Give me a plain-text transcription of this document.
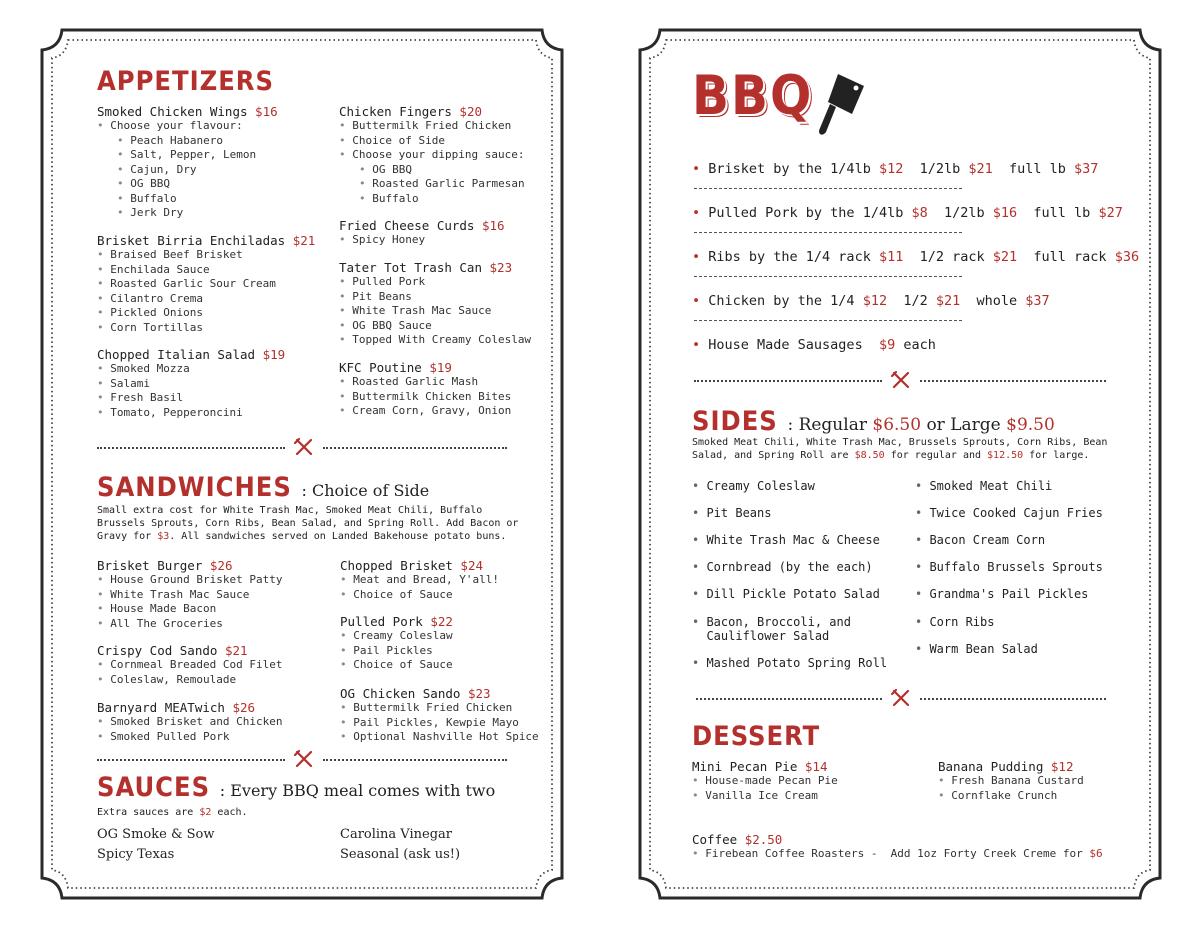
APPETIZERS
Smoked Chicken Wings $16
• Choose your flavour:
• Peach Habanero
• Salt, Pepper, Lemon
• Cajun, Dry
• OG BBQ
• Buffalo
• Jerk Dry
Brisket Birria Enchiladas $21
• Braised Beef Brisket
• Enchilada Sauce
• Roasted Garlic Sour Cream
• Cilantro Crema
• Pickled Onions
• Corn Tortillas
Chopped Italian Salad $19
• Smoked Mozza
• Salami
• Fresh Basil
• Tomato, Pepperoncini
Chicken Fingers $20
• Buttermilk Fried Chicken
• Choice of Side
• Choose your dipping sauce:
• OG BBQ
• Roasted Garlic Parmesan
• Buffalo
Fried Cheese Curds $16
• Spicy Honey
Tater Tot Trash Can $23
• Pulled Pork
• Pit Beans
• White Trash Mac Sauce
• OG BBQ Sauce
• Topped With Creamy Coleslaw
KFC Poutine $19
• Roasted Garlic Mash
• Buttermilk Chicken Bites
• Cream Corn, Gravy, Onion
SANDWICHES : Choice of Side
Small extra cost for White Trash Mac, Smoked Meat Chili, Buffalo
Brussels Sprouts, Corn Ribs, Bean Salad, and Spring Roll. Add Bacon or
Gravy for $3. All sandwiches served on Landed Bakehouse potato buns.
Brisket Burger $26
• House Ground Brisket Patty
• White Trash Mac Sauce
• House Made Bacon
• All The Groceries
Crispy Cod Sando $21
• Cornmeal Breaded Cod Filet
• Coleslaw, Remoulade
Barnyard MEATwich $26
• Smoked Brisket and Chicken
• Smoked Pulled Pork
Chopped Brisket $24
• Meat and Bread, Y'all!
• Choice of Sauce
Pulled Pork $22
• Creamy Coleslaw
• Pail Pickles
• Choice of Sauce
OG Chicken Sando $23
• Buttermilk Fried Chicken
• Pail Pickles, Kewpie Mayo
• Optional Nashville Hot Spice
SAUCES : Every BBQ meal comes with two
Extra sauces are $2 each.
OG Smoke & Sow
Spicy Texas
Carolina Vinegar
Seasonal (ask us!)
BBQ
• Brisket by the 1/4lb $12  1/2lb $21  full lb $37
• Pulled Pork by the 1/4lb $8  1/2lb $16  full lb $27
• Ribs by the 1/4 rack $11  1/2 rack $21  full rack $36
• Chicken by the 1/4 $12  1/2 $21  whole $37
• House Made Sausages  $9 each
SIDES : Regular $6.50 or Large $9.50
Smoked Meat Chili, White Trash Mac, Brussels Sprouts, Corn Ribs, Bean
Salad, and Spring Roll are $8.50 for regular and $12.50 for large.
• Creamy Coleslaw
• Pit Beans
• White Trash Mac & Cheese
• Cornbread (by the each)
• Dill Pickle Potato Salad
• Bacon, Broccoli, and
Cauliflower Salad
• Mashed Potato Spring Roll
• Smoked Meat Chili
• Twice Cooked Cajun Fries
• Bacon Cream Corn
• Buffalo Brussels Sprouts
• Grandma's Pail Pickles
• Corn Ribs
• Warm Bean Salad
DESSERT
Mini Pecan Pie $14
• House-made Pecan Pie
• Vanilla Ice Cream
Banana Pudding $12
• Fresh Banana Custard
• Cornflake Crunch
Coffee $2.50
• Firebean Coffee Roasters -  Add 1oz Forty Creek Creme for $6
